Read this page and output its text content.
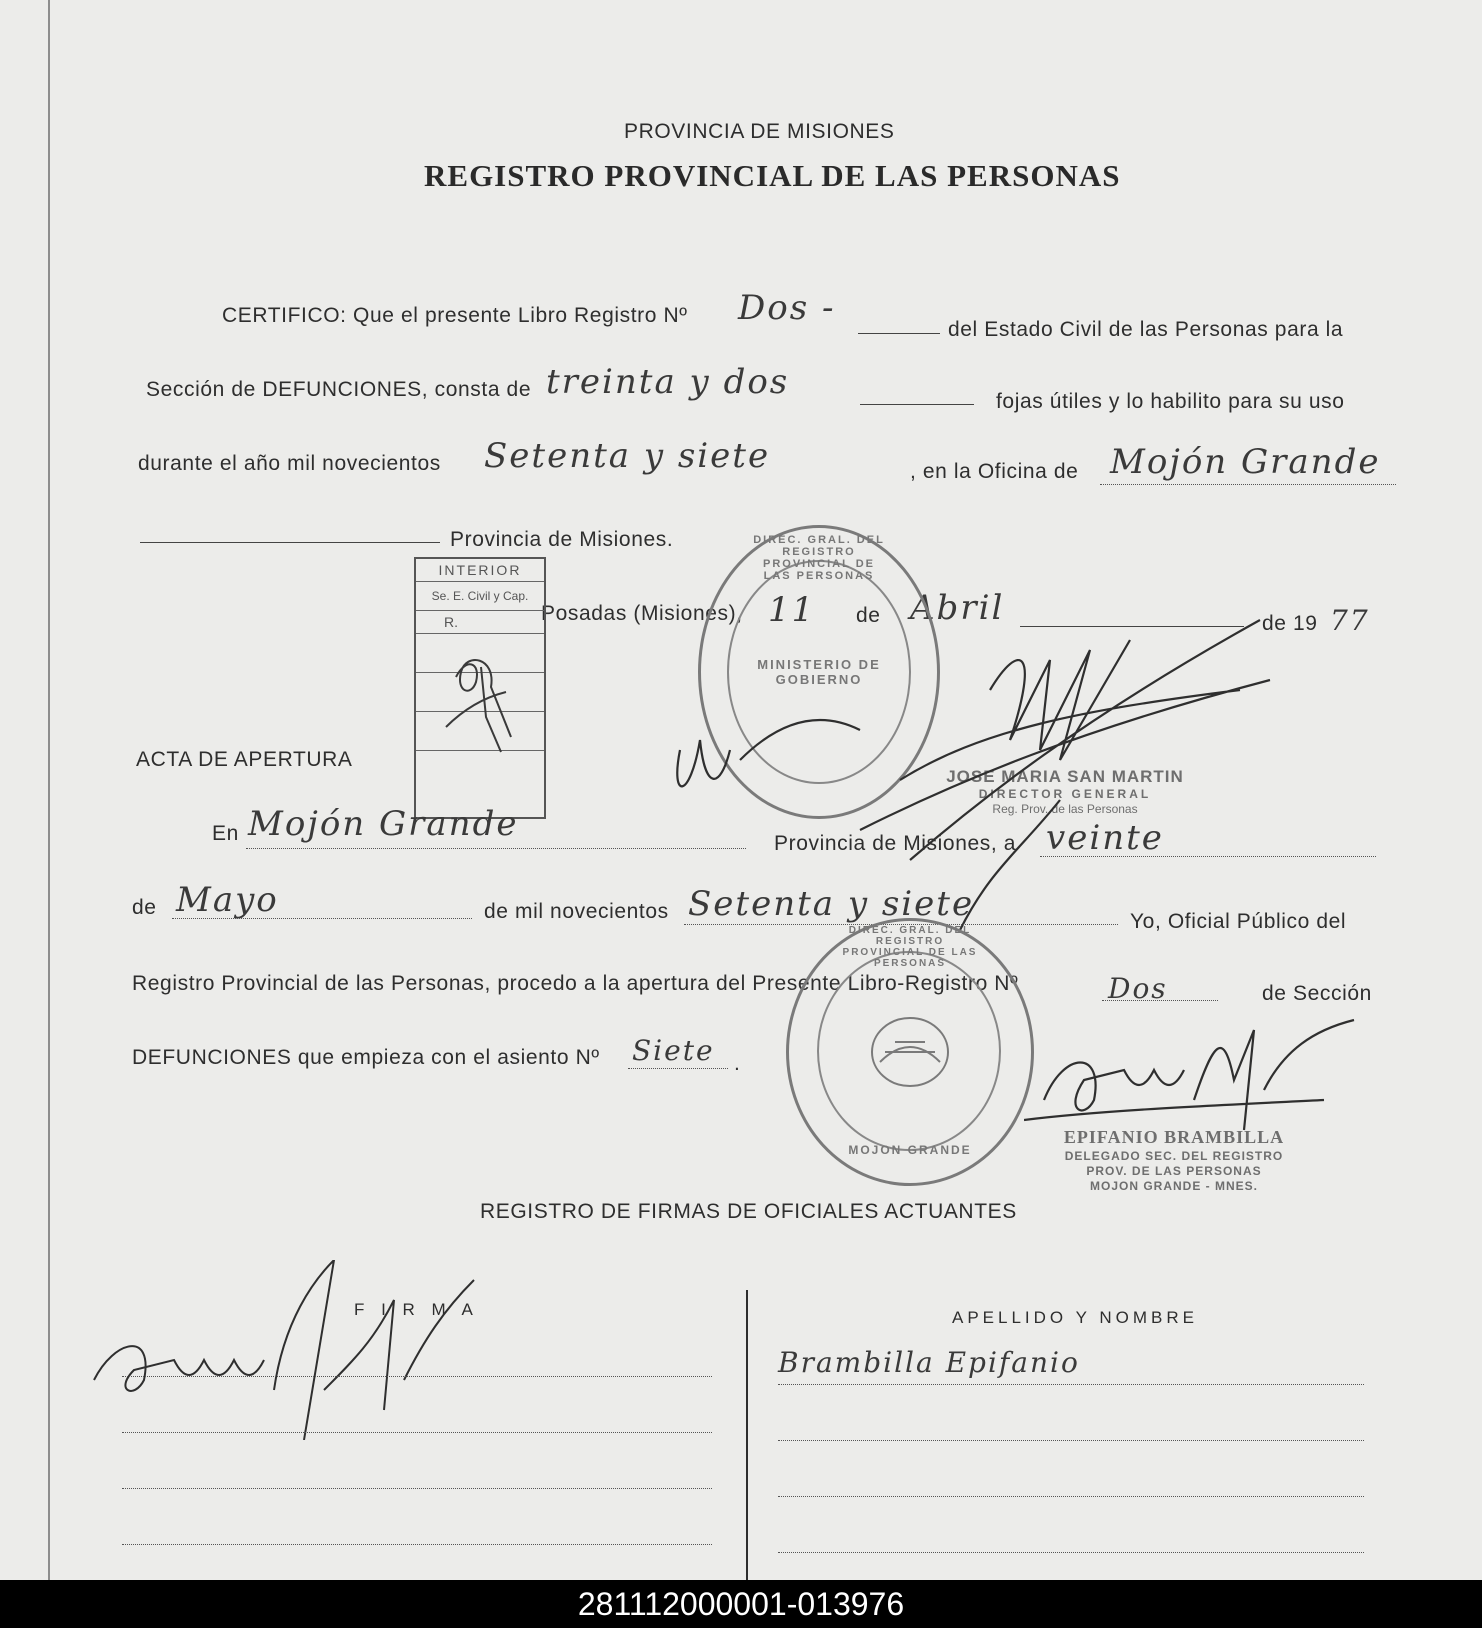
PROVINCIA DE MISIONES
REGISTRO PROVINCIAL DE LAS PERSONAS
CERTIFICO: Que el presente Libro Registro Nº Dos -
del Estado Civil de las Personas para la
Sección de DEFUNCIONES, consta de treinta y dos	fojas útiles y lo habilito para su uso
durante el año mil novecientos Setenta y siete	, en la Oficina de Mojón Grande
Provincia de Misiones.
Posadas (Misiones), 11 de Abril	de 19 77
INTERIOR
Se. E. Civil y Cap.
R.
MINISTERIO DE GOBIERNO
DIREC. GRAL. DEL REGISTRO PROVINCIAL DE LAS PERSONAS
JOSE MARIA SAN MARTIN
DIRECTOR GENERAL
Reg. Prov. de las Personas
ACTA DE APERTURA
En Mojón Grande	Provincia de Misiones, a veinte
de Mayo	de mil novecientos Setenta y siete	Yo, Oficial Público del
Registro Provincial de las Personas, procedo a la apertura del Presente Libro-Registro Nº	Dos	de Sección
DEFUNCIONES que empieza con el asiento Nº Siete .
MOJON GRANDE
DIREC. GRAL. DEL REGISTRO PROVINCIAL DE LAS PERSONAS
EPIFANIO BRAMBILLA
DELEGADO SEC. DEL REGISTRO
PROV. DE LAS PERSONAS
MOJON GRANDE - MNES.
REGISTRO DE FIRMAS DE OFICIALES ACTUANTES
F I R M A	APELLIDO Y NOMBRE
Brambilla Epifanio
281112000001-013976
